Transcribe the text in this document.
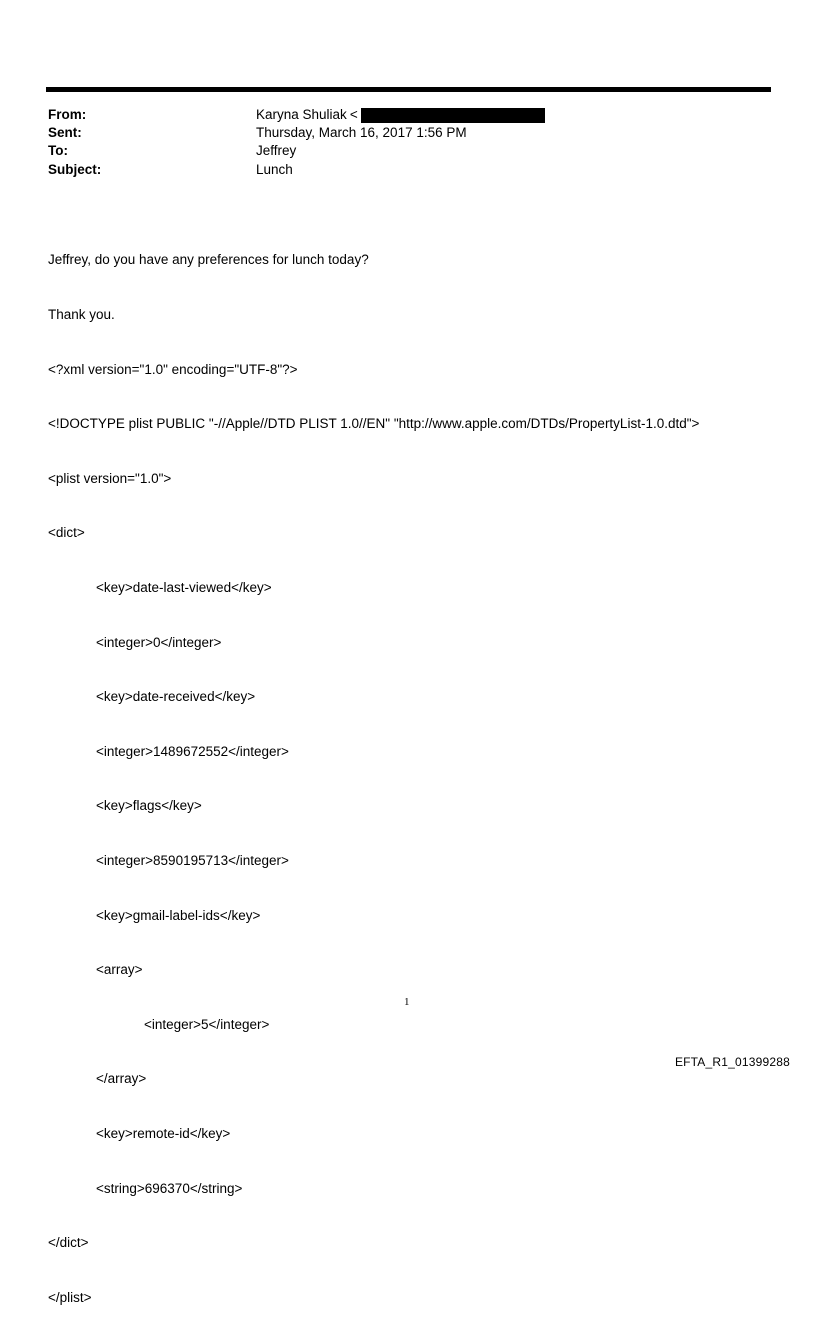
From:	Karyna Shuliak <
Sent:	Thursday, March 16, 2017 1:56 PM
To:	Jeffrey
Subject:	Lunch

Jeffrey, do you have any preferences for lunch today?

Thank you.

<?xml version="1.0" encoding="UTF-8"?>

<!DOCTYPE plist PUBLIC "-//Apple//DTD PLIST 1.0//EN" "http://www.apple.com/DTDs/PropertyList-1.0.dtd">

<plist version="1.0">

<dict>

<key>date-last-viewed</key>

<integer>0</integer>

<key>date-received</key>

<integer>1489672552</integer>

<key>flags</key>

<integer>8590195713</integer>

<key>gmail-label-ids</key>

<array>

<integer>5</integer>

</array>

<key>remote-id</key>

<string>696370</string>

</dict>

</plist>

1
EFTA_R1_01399288
